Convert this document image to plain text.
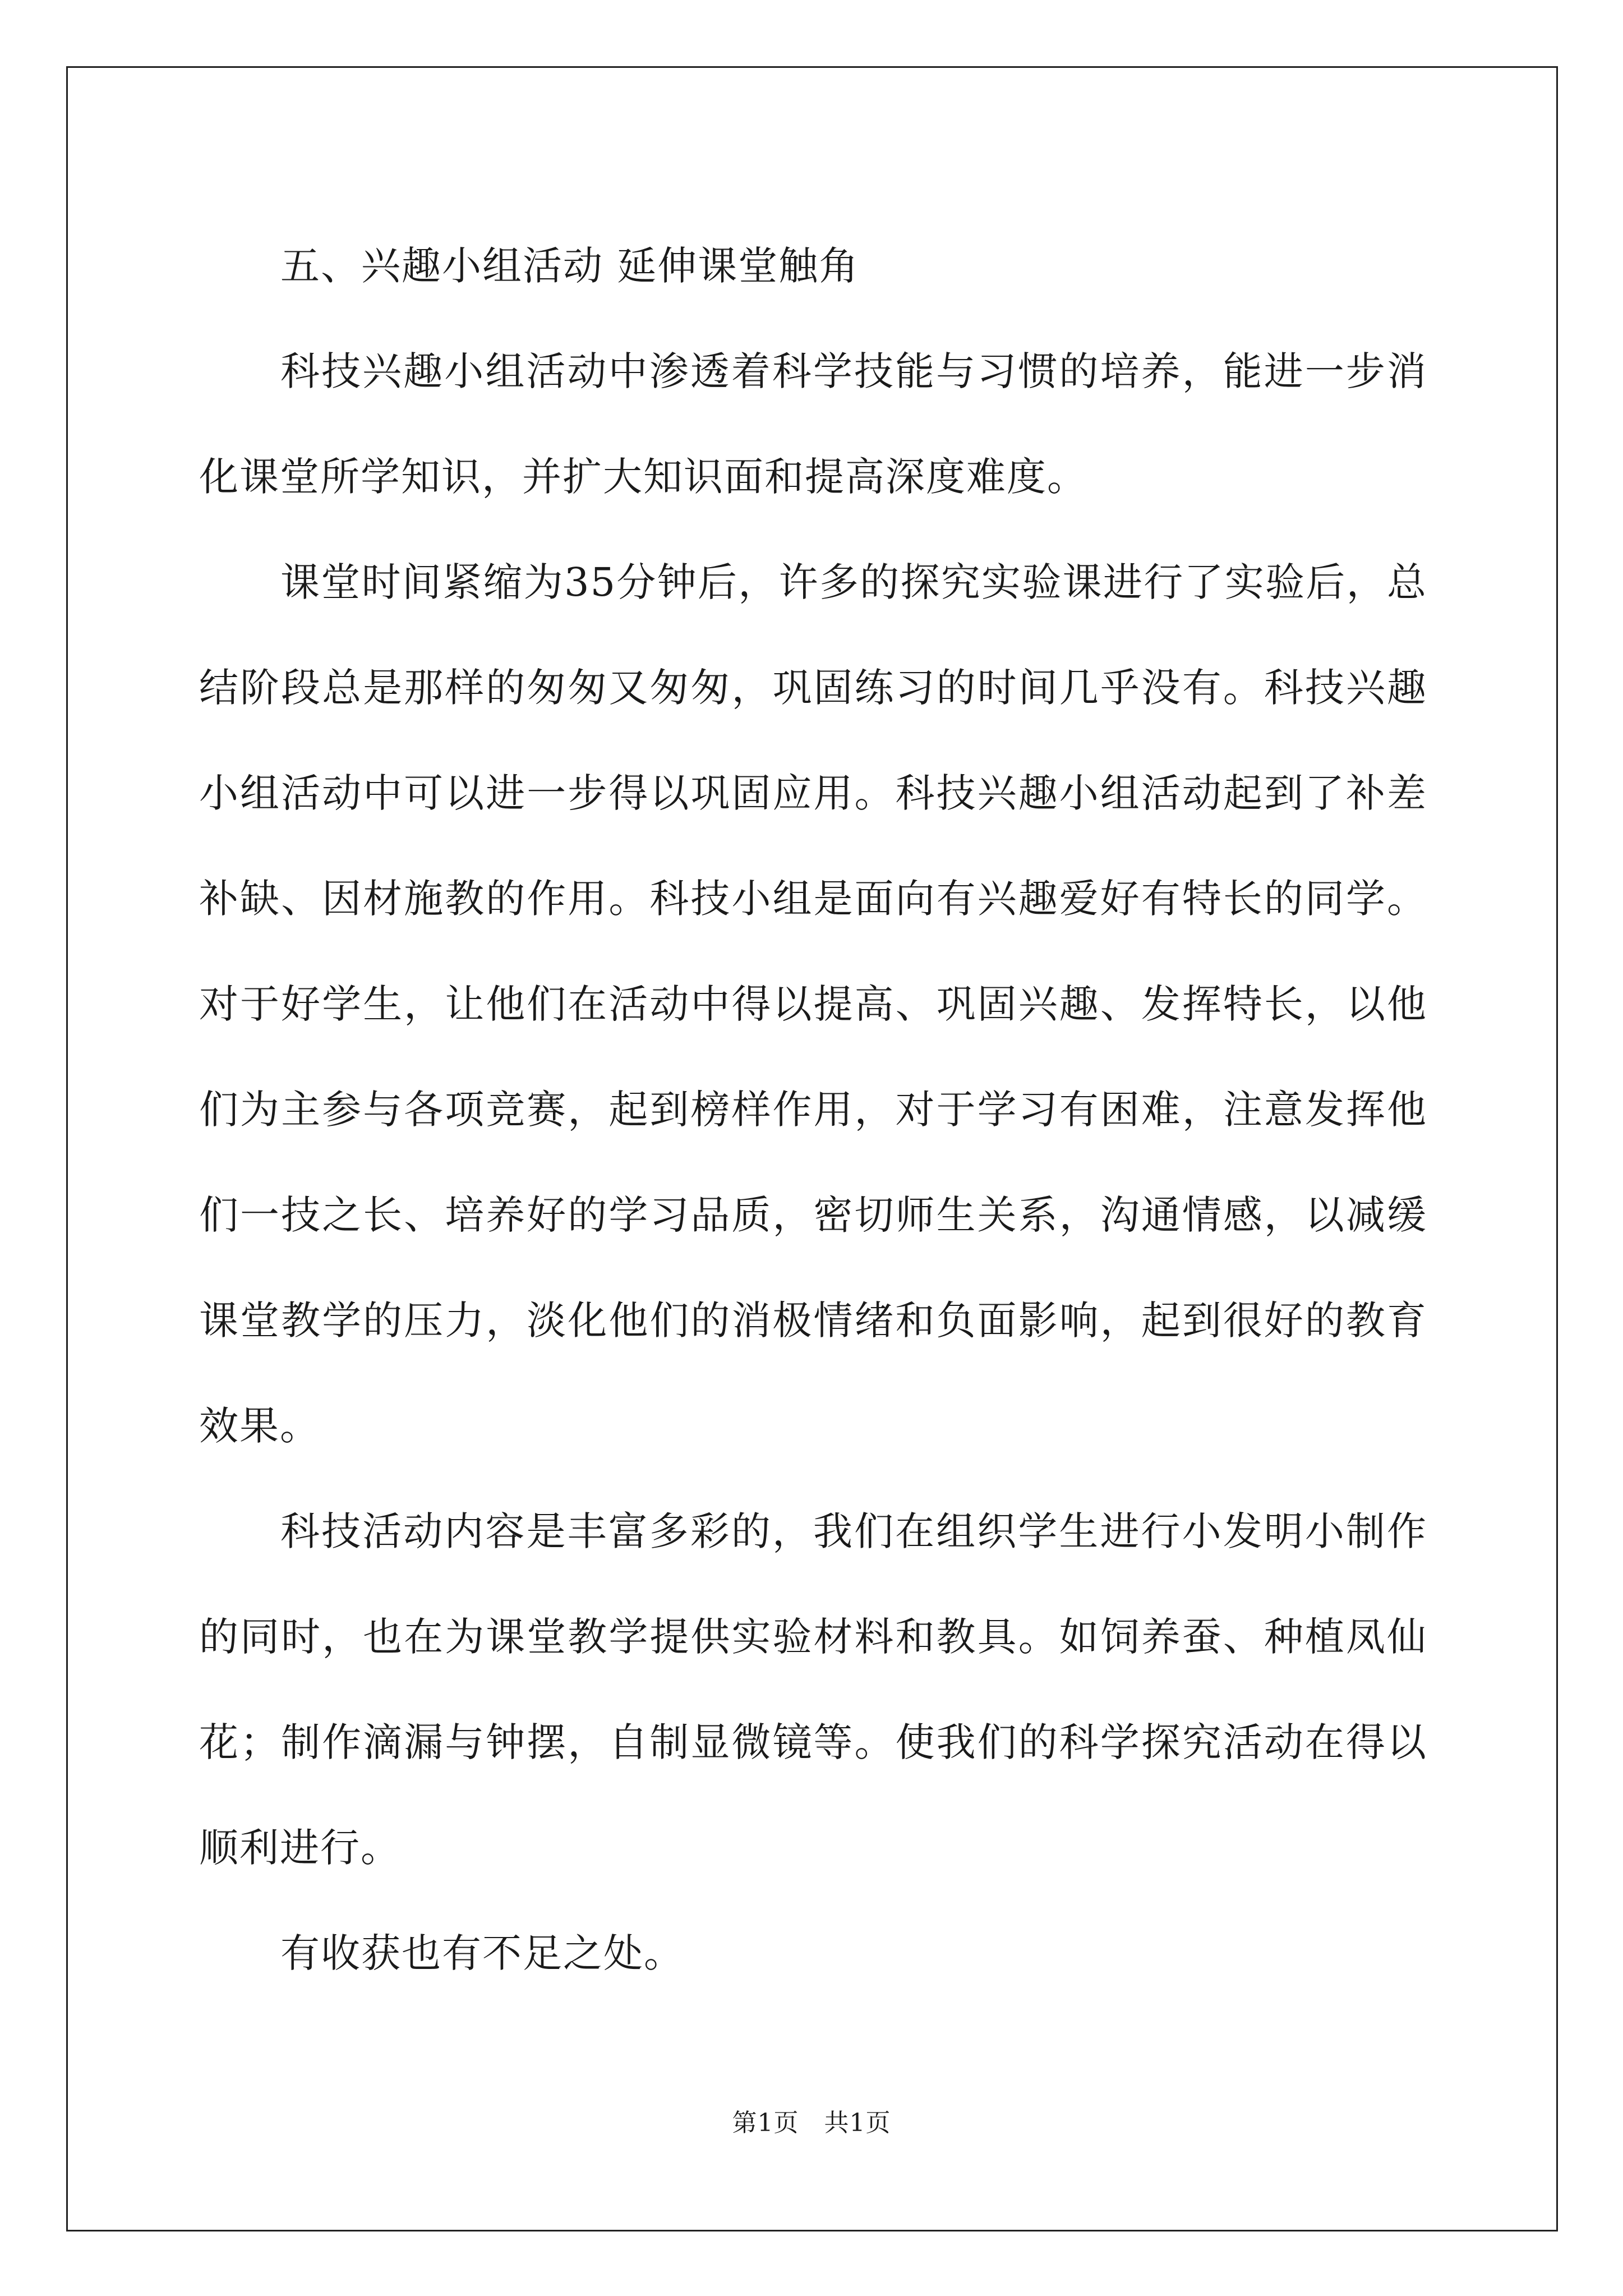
五、兴趣小组活动 延伸课堂触角

科技兴趣小组活动中渗透着科学技能与习惯的培养，能进一步消化课堂所学知识，并扩大知识面和提高深度难度。

课堂时间紧缩为35分钟后，许多的探究实验课进行了实验后，总结阶段总是那样的匆匆又匆匆，巩固练习的时间几乎没有。科技兴趣小组活动中可以进一步得以巩固应用。科技兴趣小组活动起到了补差补缺、因材施教的作用。科技小组是面向有兴趣爱好有特长的同学。对于好学生，让他们在活动中得以提高、巩固兴趣、发挥特长，以他们为主参与各项竞赛，起到榜样作用，对于学习有困难，注意发挥他们一技之长、培养好的学习品质，密切师生关系，沟通情感，以减缓课堂教学的压力，淡化他们的消极情绪和负面影响，起到很好的教育效果。

科技活动内容是丰富多彩的，我们在组织学生进行小发明小制作的同时，也在为课堂教学提供实验材料和教具。如饲养蚕、种植凤仙花；制作滴漏与钟摆，自制显微镜等。使我们的科学探究活动在得以顺利进行。

有收获也有不足之处。

第1页　共1页
